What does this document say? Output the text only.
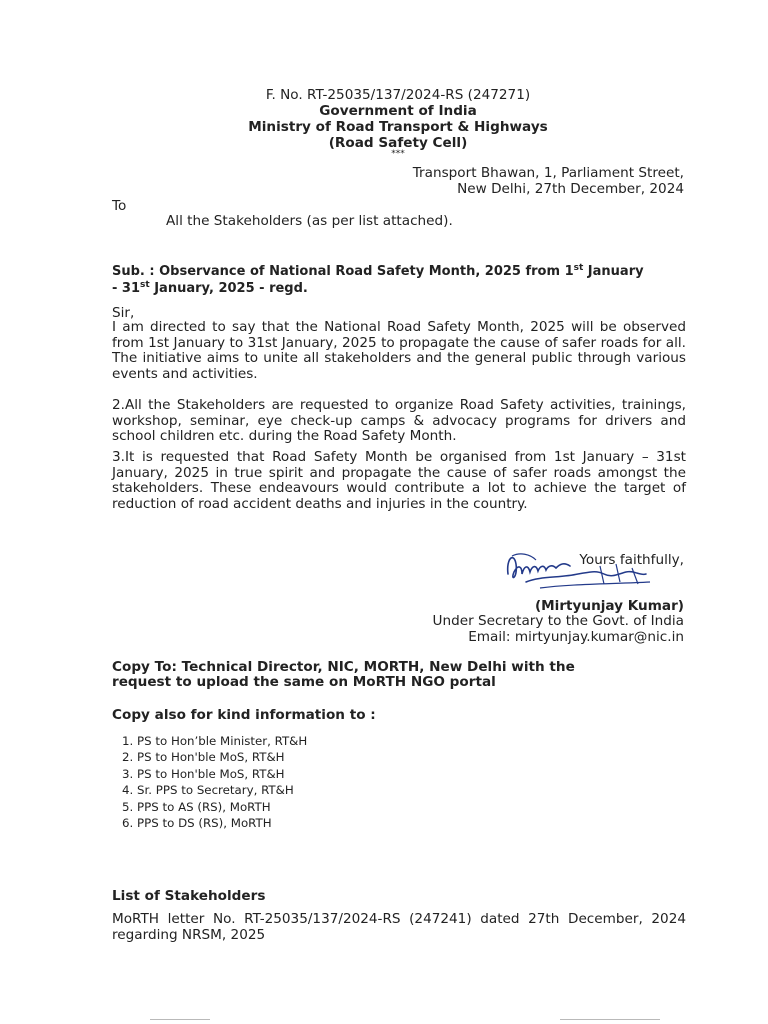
F. No. RT-25035/137/2024-RS (247271)
Government of India
Ministry of Road Transport & Highways
(Road Safety Cell)
***
Transport Bhawan, 1, Parliament Street,
New Delhi, 27th December, 2024
To
All the Stakeholders (as per list attached).
Sub. : Observance of National Road Safety Month, 2025 from 1st January
- 31st January, 2025 - regd.
Sir,
I am directed to say that the National Road Safety Month, 2025 will be observed from 1st January to 31st January, 2025 to propagate the cause of safer roads for all. The initiative aims to unite all stakeholders and the general public through various events and activities.
2.All the Stakeholders are requested to organize Road Safety activities, trainings, workshop, seminar, eye check-up camps & advocacy programs for drivers and school children etc. during the Road Safety Month.
3.It is requested that Road Safety Month be organised from 1st January – 31st January, 2025 in true spirit and propagate the cause of safer roads amongst the stakeholders. These endeavours would contribute a lot to achieve the target of reduction of road accident deaths and injuries in the country.
Yours faithfully,
(Mirtyunjay Kumar)
Under Secretary to the Govt. of India
Email: mirtyunjay.kumar@nic.in
Copy To: Technical Director, NIC, MORTH, New Delhi with the
request to upload the same on MoRTH NGO portal
Copy also for kind information to :
1. PS to Hon’ble Minister, RT&H
2. PS to Hon'ble MoS, RT&H
3. PS to Hon'ble MoS, RT&H
4. Sr. PPS to Secretary, RT&H
5. PPS to AS (RS), MoRTH
6. PPS to DS (RS), MoRTH
List of Stakeholders
MoRTH letter No. RT-25035/137/2024-RS (247241) dated 27th December, 2024 regarding NRSM, 2025
